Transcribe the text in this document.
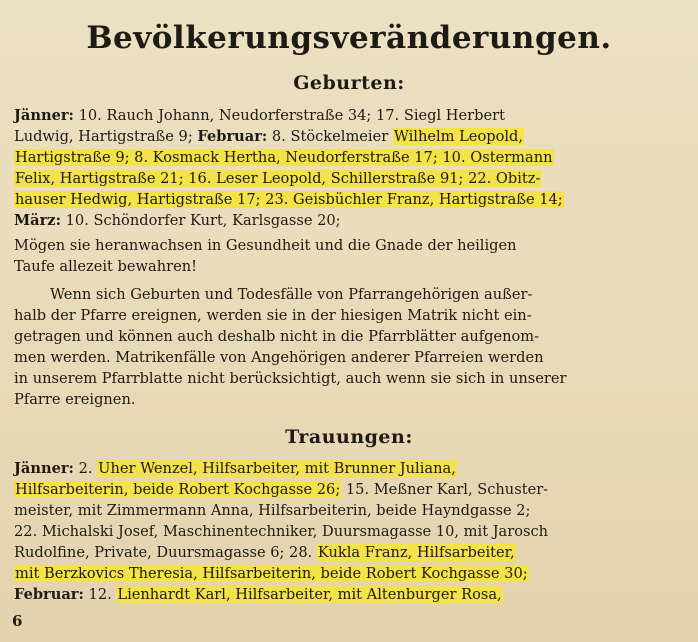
Bevölkerungsveränderungen.
Geburten:
Jänner: 10. Rauch Johann, Neudorferstraße 34; 17. Siegl Herbert
Ludwig, Hartigstraße 9; Februar: 8. Stöckelmeier Wilhelm Leopold,
Hartigstraße 9; 8. Kosmack Hertha, Neudorferstraße 17; 10. Ostermann
Felix, Hartigstraße 21; 16. Leser Leopold, Schillerstraße 91; 22. Obitz-
hauser Hedwig, Hartigstraße 17; 23. Geisbüchler Franz, Hartigstraße 14;
März: 10. Schöndorfer Kurt, Karlsgasse 20;
Mögen sie heranwachsen in Gesundheit und die Gnade der heiligen
Taufe allezeit bewahren!
Wenn sich Geburten und Todesfälle von Pfarrangehörigen außer-
halb der Pfarre ereignen, werden sie in der hiesigen Matrik nicht ein-
getragen und können auch deshalb nicht in die Pfarrblätter aufgenom-
men werden. Matrikenfälle von Angehörigen anderer Pfarreien werden
in unserem Pfarrblatte nicht berücksichtigt, auch wenn sie sich in unserer
Pfarre ereignen.
Trauungen:
Jänner: 2. Uher Wenzel, Hilfsarbeiter, mit Brunner Juliana,
Hilfsarbeiterin, beide Robert Kochgasse 26; 15. Meßner Karl, Schuster-
meister, mit Zimmermann Anna, Hilfsarbeiterin, beide Hayndgasse 2;
22. Michalski Josef, Maschinentechniker, Duursmagasse 10, mit Jarosch
Rudolfine, Private, Duursmagasse 6; 28. Kukla Franz, Hilfsarbeiter,
mit Berzkovics Theresia, Hilfsarbeiterin, beide Robert Kochgasse 30;
Februar: 12. Lienhardt Karl, Hilfsarbeiter, mit Altenburger Rosa,
6
